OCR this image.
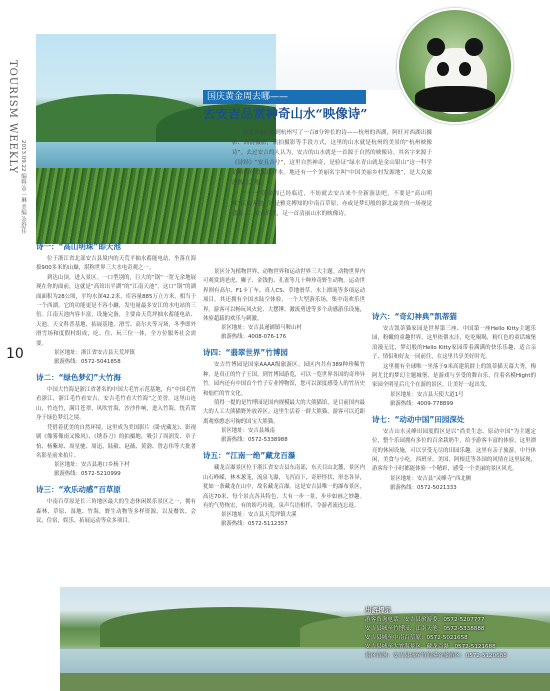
TOURISM WEEKLY
2013.09.22 编辑:章一琳 美编:金舒佳
10
国庆黄金周去哪——
去安吉品赏神奇山水“映像诗”

如果你5年前到杭州写了一百8分钟长的诗——杭州的西湖，阿旺对西湖出摄影、高清摄影，航拍摄影等手段方式，这里的山水就是杭州的美景的“杭州映像诗”。去过安吉的人认为，安吉的山水就是一首源于自然的映像诗。其名字来源于《诗经》“安且吉兮”，这里自然神奇，是验证“绿水青山就是金山银山”这一科学论断的有效实践样本。地还有一个美丽名字叫“中国美丽乡村发源地”，是大众旅游热门之地。

“十一”黄金周已经临近，不妨就去安吉来个全新游法吧，不要是“高山明珠”江南天池，还是雅竞搏知的中南百草原，亦或是梦幻般的浙北最美的一场视觉盛宴……安吉的美，足一首清丽山水的映像诗。

诗一：“高山明珠”即天池

位于浙江省北部安吉县境内的天荒平抽水蓄能电站，坐落在海拔900多米的山巅，堪称世界三大水电奇观之一。

到达山顶，进入景区。一口型别的，巨大的“锅”一宽无余地展现在你的面前，这就是“高耸出平湖”的“江南天池”。这口“锅”的湖面面积为28公顷，平均水深42.2米，库容量885万立方米，相当于一个西湖，它的功能更是不容小觑，发电量最多安江的水电站的三倍。江南天池内容丰富，设施完备，主要由天荒坪抽水蓄能电站、天池、天文科普基地、拓展基地、滑雪、高尔夫等习场，冬季即外滑雪场和度假村组成，吃、住、玩三位一体，全方位服务社会需要。

景区地址：浙江省安吉县天荒坪镇
旅游热线：0572-5041858
诗二：“绿色梦幻”大竹海

中国大竹海是浙江省著名的中国大毛竹示范基地，有“中国毛竹看浙江，浙江毛竹看安吉，安吉毛竹看大竹海”之美誉。这里山连山，竹连竹，满目苍翠，风吹竹海，沙沙作响，进入竹海，恍若置身于绿色梦幻之境。

凭借着优美的自然环境，这里成为美国影片《卧虎藏龙》、影视剧《像雾像雨又像风》、《绣春刀》的拍摄地，吸引了周润发、章子怡、杨紫琼、周星驰、周迅、陆毅、赵薇、黄渤、曾志伟等大批著名影星前来拍片。

景区地址：安吉县港口乡杨下村
旅游热线：0572-5210999
诗三：“欢乐动感”百草原

中南百草原是长三角地区最大的生态休闲娱乐景区之一，拥有森林、草原、湿地、竹海，野生动物等多样资源，以及餐饮、会议、住宿，娱乐、拓展运动等众多项目。

景区分为植物世界、动物世界和运动世界三大主题。动物世界内可观赏到老虎、狮子、金钱豹、孔雀等几十种珍奇野生动物。运动世界则有高尔、F1卡丁车、真人CS、草地滑草、水上漂流等多项运动项目。其还拥有全国水陆空体验，一个大型游乐场，集中南欢乐世界。游客可以畅玩风火轮、大摆锤、激流勇进等多个动感游乐设施，体验超载的欢乐与刺激。

景区地址：安吉县递铺镇马鞍山村
旅游热线：4008-076-176
诗四：“翡翠世界”竹博园

安吉竹博园是国家AAAA级旅游区。园区内共有389种珍稀竹种，是真正的竹子王国。到竹博园游览，可以一览世界各国的奇珍异竹。园内还有中国首个竹子专业博物馆，您可以深度感受人的竹历史和灿烂的竹文化。

值得一提的是竹博园是国内规模最大的大熊猫馆，是目前国内最大的人工大熊猫野外放养区。这里生活着一群大熊猫，游客可以近距离观察憨态可掬的国宝大熊猫。

景区地址：安吉县城南
旅游热线：0572-5338988
诗五：“江南一绝”藏龙百瀑

藏龙百瀑景区位于浙江省安吉县东南部，东天目山北麓，景区内山石峥嵘，林木葱茏，流泉飞瀑，飞泻而下，奇形怪状、形态各异，犹如一条藏龙在山中，故名藏龙百瀑。这是安吉县唯一的瀑布景区，高达70米，每个景点各具特色，大有一步一景，步步如画之妙趣。有的气势恢宏，有的娇巧玲珑，泉声鸟语相伴，令游者流连忘返。

景区地址：安吉县天荒坪镇大溪
旅游热线：0572-5112357
诗六：“奇幻神典”凯蒂猫

安吉凯蒂猫家园是世界第三座、中国第一座Hello Kitty主题乐园，粉嫩的童趣世界，这里依偎水洼，吃吃喝喝，粉红色的童话城堡浪漫无比，梦幻般的Hello Kitty家园带着满满的快乐乐趣，适合亲子、情侣和好友一同前往，在这里共享美好时光。

这里拥有全球唯一坐落于9米高建筑群上的凯蒂猫天幕大秀，梅阿尤比的梦幻主题城堡，是游戏与享受的舞台乐，往着名模Hight的家园全明星后几个在游的景区，让美好一起出发。

景区地址：安吉县天使大道1号
旅游热线：4009-778899
诗七：“动动中国”田园深处

安吉山水灵峰田园度假区是以“尚美生态、原动中国”为主题定位，整个乐园拥有多位的百余栽奶牛，给予游客丰富的体验，这里漂亮的休闲设施，可以享受无尽的田园乐趣。这里有亲子旅游，中丹休闲，美食与小吃。西班牙、美国、阿根廷等各国的风情在这里展现，游客每个小时都能体验一个精彩，感受一个美丽的景区风光。

景区地址：安吉县“灵峰寺”西北侧
旅游热线：0572-5021333
出游提示
游客咨询电话：安吉县旅游委：0572-5207777
安吉县城至竹博园、江南天池：0572-5338888
安吉县城至中南百草原：0572-5021658
安吉县城至大竹海景区、藏龙百瀑：0572-5121688
景区咨询：安吉县城至竹海溪谷旅游区：0572-5120688
